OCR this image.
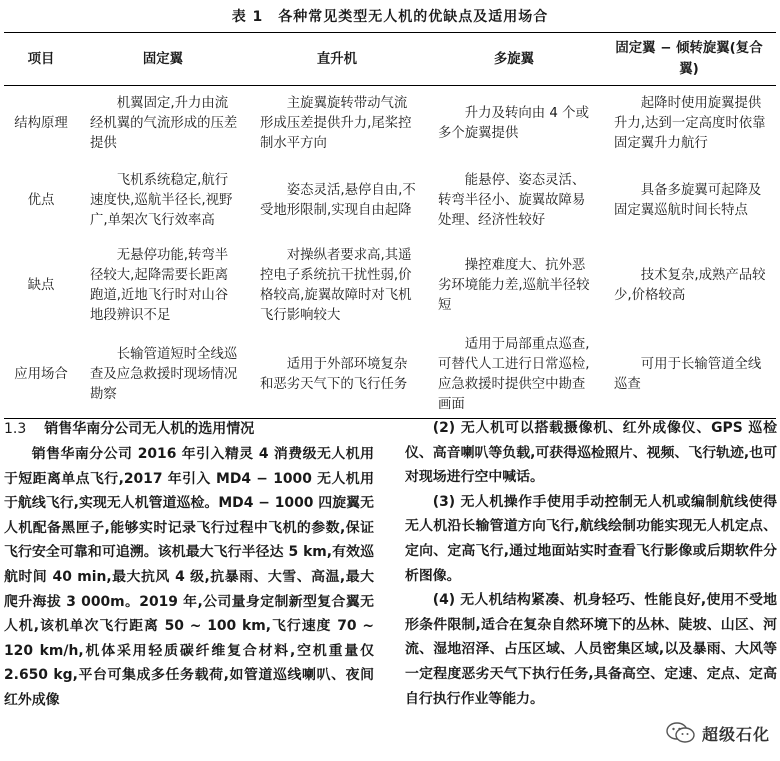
表 1　各种常见类型无人机的优缺点及适用场合
项目	固定翼	直升机	多旋翼	固定翼 − 倾转旋翼(复合翼)
结构原理	机翼固定,升力由流经机翼的气流形成的压差提供	主旋翼旋转带动气流形成压差提供升力,尾桨控制水平方向	升力及转向由 4 个或多个旋翼提供	起降时使用旋翼提供升力,达到一定高度时依靠固定翼升力航行
优点	飞机系统稳定,航行速度快,巡航半径长,视野广,单架次飞行效率高	姿态灵活,悬停自由,不受地形限制,实现自由起降	能悬停、姿态灵活、转弯半径小、旋翼故障易处理、经济性较好	具备多旋翼可起降及固定翼巡航时间长特点
缺点	无悬停功能,转弯半径较大,起降需要长距离跑道,近地飞行时对山谷地段辨识不足	对操纵者要求高,其遥控电子系统抗干扰性弱,价格较高,旋翼故障时对飞机飞行影响较大	操控难度大、抗外恶劣环境能力差,巡航半径较短	技术复杂,成熟产品较少,价格较高
应用场合	长输管道短时全线巡查及应急救援时现场情况勘察	适用于外部环境复杂和恶劣天气下的飞行任务	适用于局部重点巡查,可替代人工进行日常巡检,应急救援时提供空中勘查画面	可用于长输管道全线巡查
1.3 销售华南分公司无人机的选用情况

销售华南分公司 2016 年引入精灵 4 消费级无人机用于短距离单点飞行,2017 年引入 MD4 − 1000 无人机用于航线飞行,实现无人机管道巡检。MD4 − 1000 四旋翼无人机配备黑匣子,能够实时记录飞行过程中飞机的参数,保证飞行安全可靠和可追溯。该机最大飞行半径达 5 km,有效巡航时间 40 min,最大抗风 4 级,抗暴雨、大雪、高温,最大爬升海拔 3 000m。2019 年,公司量身定制新型复合翼无人机,该机单次飞行距离 50 ~ 100 km,飞行速度 70 ~ 120 km/h,机体采用轻质碳纤维复合材料,空机重量仅 2.650 kg,平台可集成多任务载荷,如管道巡线喇叭、夜间红外成像

(2) 无人机可以搭载摄像机、红外成像仪、GPS 巡检仪、高音喇叭等负载,可获得巡检照片、视频、飞行轨迹,也可对现场进行空中喊话。

(3) 无人机操作手使用手动控制无人机或编制航线使得无人机沿长输管道方向飞行,航线绘制功能实现无人机定点、定向、定高飞行,通过地面站实时查看飞行影像或后期软件分析图像。

(4) 无人机结构紧凑、机身轻巧、性能良好,使用不受地形条件限制,适合在复杂自然环境下的丛林、陡坡、山区、河流、湿地沼泽、占压区域、人员密集区域,以及暴雨、大风等一定程度恶劣天气下执行任务,具备高空、定速、定点、定高自行执行作业等能力。

超级石化
